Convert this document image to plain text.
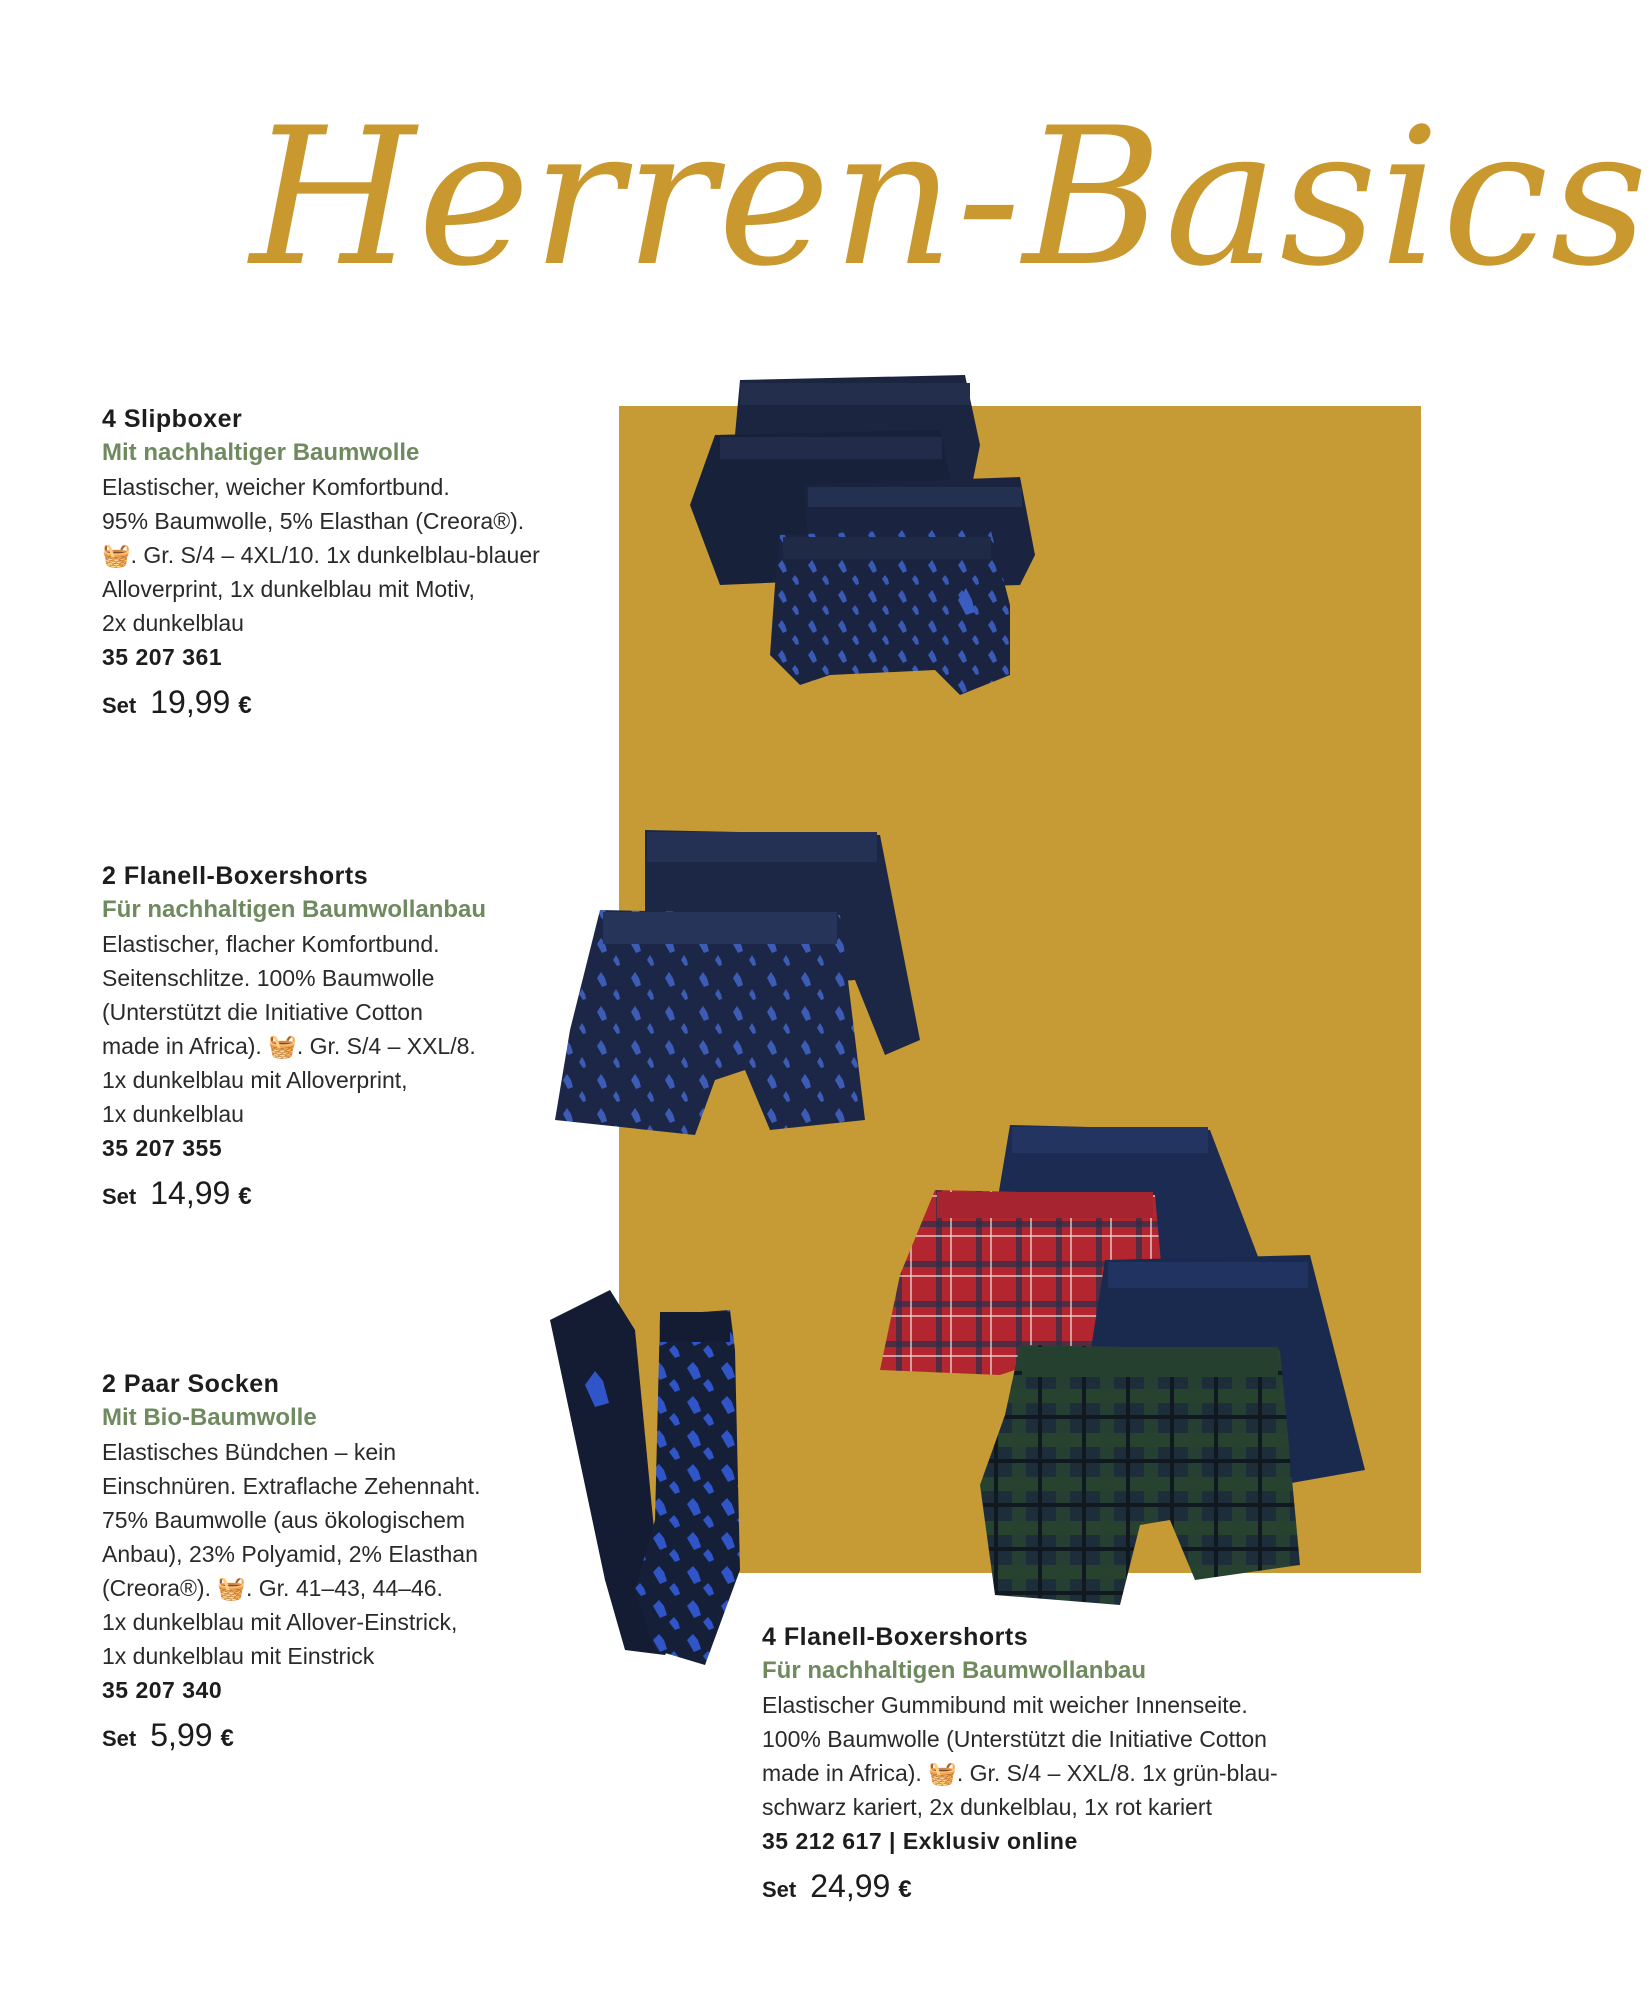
Herren-Basics
4 Slipboxer
Mit nachhaltiger Baumwolle
Elastischer, weicher Komfortbund.
95% Baumwolle, 5% Elasthan (Creora®).
🧺. Gr. S/4 – 4XL/10. 1x dunkelblau-blauer
Alloverprint, 1x dunkelblau mit Motiv,
2x dunkelblau
35 207 361
Set 19,99 €
2 Flanell-Boxershorts
Für nachhaltigen Baumwollanbau
Elastischer, flacher Komfortbund.
Seitenschlitze. 100% Baumwolle
(Unterstützt die Initiative Cotton
made in Africa). 🧺. Gr. S/4 – XXL/8.
1x dunkelblau mit Alloverprint,
1x dunkelblau
35 207 355
Set 14,99 €
2 Paar Socken
Mit Bio-Baumwolle
Elastisches Bündchen – kein
Einschnüren. Extraflache Zehennaht.
75% Baumwolle (aus ökologischem
Anbau), 23% Polyamid, 2% Elasthan
(Creora®). 🧺. Gr. 41–43, 44–46.
1x dunkelblau mit Allover-Einstrick,
1x dunkelblau mit Einstrick
35 207 340
Set 5,99 €
4 Flanell-Boxershorts
Für nachhaltigen Baumwollanbau
Elastischer Gummibund mit weicher Innenseite.
100% Baumwolle (Unterstützt die Initiative Cotton
made in Africa). 🧺. Gr. S/4 – XXL/8. 1x grün-blau-
schwarz kariert, 2x dunkelblau, 1x rot kariert
35 212 617 | Exklusiv online
Set 24,99 €
